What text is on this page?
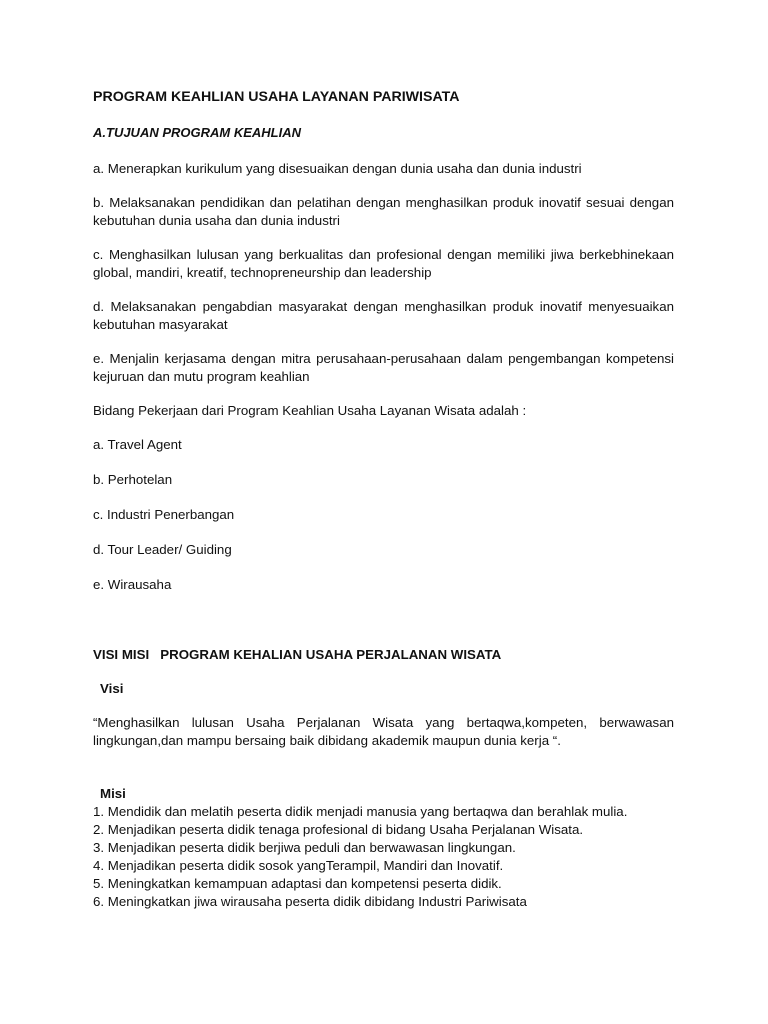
PROGRAM KEAHLIAN USAHA LAYANAN PARIWISATA
A.TUJUAN PROGRAM KEAHLIAN
a. Menerapkan kurikulum yang disesuaikan dengan dunia usaha dan dunia industri
b. Melaksanakan pendidikan dan pelatihan dengan menghasilkan produk inovatif sesuai dengan kebutuhan dunia usaha dan dunia industri
c. Menghasilkan lulusan yang berkualitas dan profesional dengan memiliki jiwa berkebhinekaan global, mandiri, kreatif, technopreneurship dan leadership
d. Melaksanakan pengabdian masyarakat dengan menghasilkan produk inovatif menyesuaikan kebutuhan masyarakat
e. Menjalin kerjasama dengan mitra perusahaan-perusahaan dalam pengembangan kompetensi kejuruan dan mutu program keahlian
Bidang Pekerjaan dari Program Keahlian Usaha Layanan Wisata adalah :
a. Travel Agent
b. Perhotelan
c. Industri Penerbangan
d. Tour Leader/ Guiding
e. Wirausaha
VISI MISI   PROGRAM KEHALIAN USAHA PERJALANAN WISATA
Visi
“Menghasilkan lulusan Usaha Perjalanan Wisata yang bertaqwa,kompeten, berwawasan lingkungan,dan mampu bersaing baik dibidang akademik maupun dunia kerja “.
Misi
1. Mendidik dan melatih peserta didik menjadi manusia yang bertaqwa dan berahlak mulia.
2. Menjadikan peserta didik tenaga profesional di bidang Usaha Perjalanan Wisata.
3. Menjadikan peserta didik berjiwa peduli dan berwawasan lingkungan.
4. Menjadikan peserta didik sosok yangTerampil, Mandiri dan Inovatif.
5. Meningkatkan kemampuan adaptasi dan kompetensi peserta didik.
6. Meningkatkan jiwa wirausaha peserta didik dibidang Industri Pariwisata
